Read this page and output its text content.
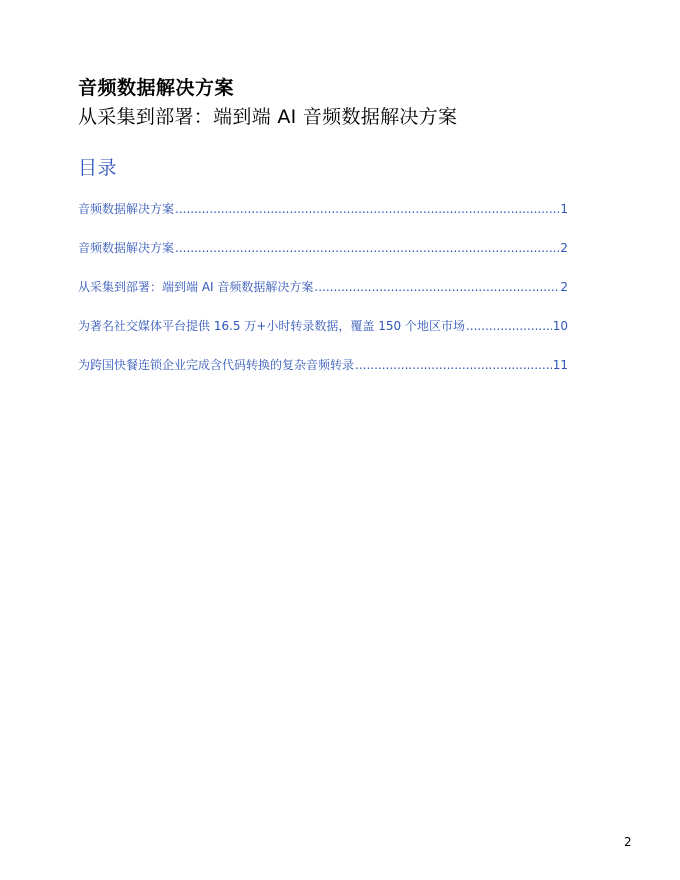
音频数据解决方案
从采集到部署：端到端 AI 音频数据解决方案
目录
音频数据解决方案 .....	1
音频数据解决方案 .....	2
从采集到部署：端到端 AI 音频数据解决方案 .....	2
为著名社交媒体平台提供 16.5 万+小时转录数据，覆盖 150 个地区市场 .....	10
为跨国快餐连锁企业完成含代码转换的复杂音频转录 .....	11
2
